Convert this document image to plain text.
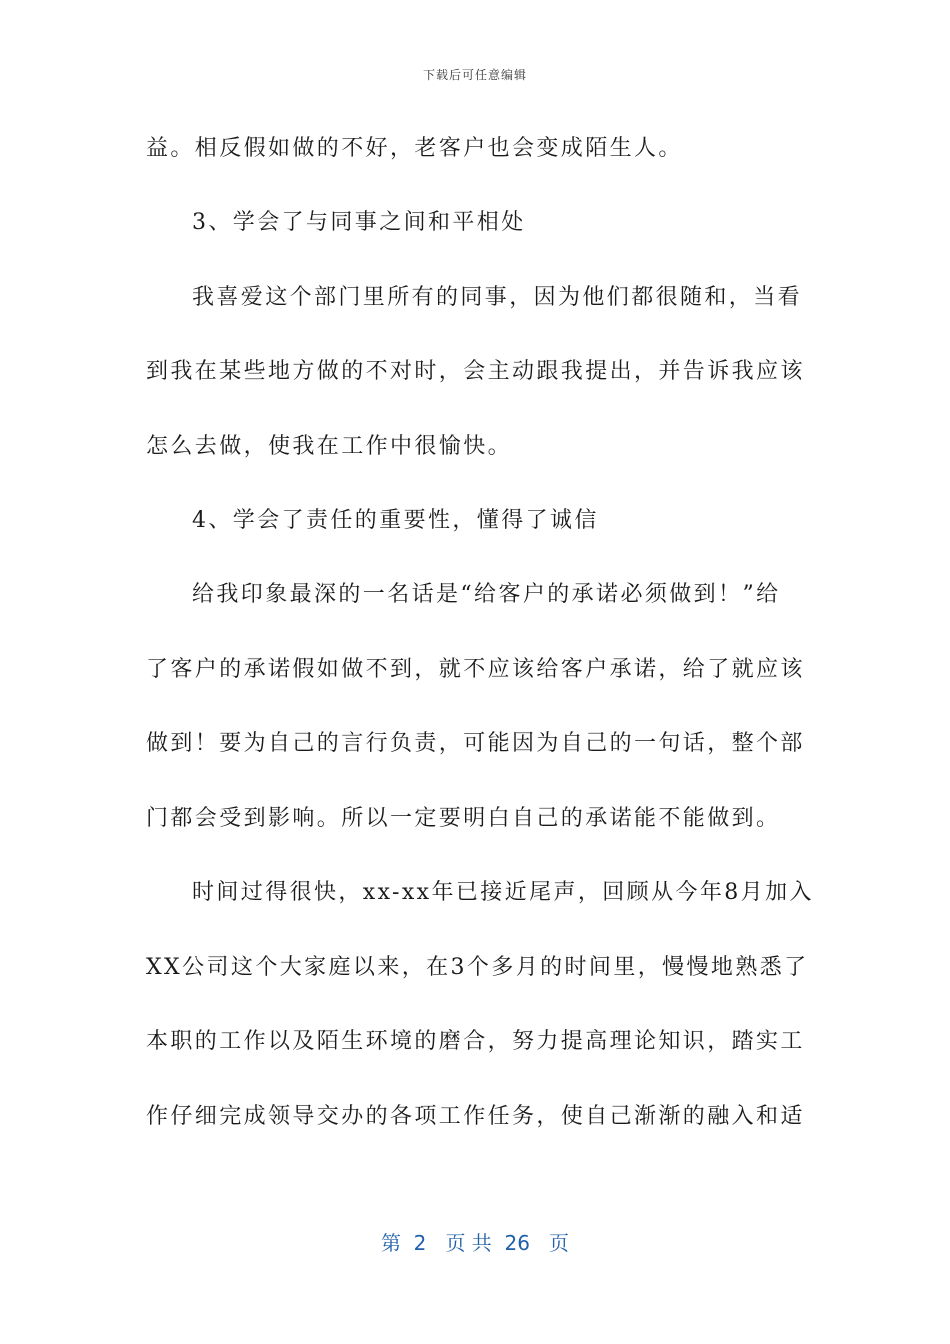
下载后可任意编辑
益。相反假如做的不好，老客户也会变成陌生人。
3、学会了与同事之间和平相处
我喜爱这个部门里所有的同事，因为他们都很随和，当看
到我在某些地方做的不对时，会主动跟我提出，并告诉我应该
怎么去做，使我在工作中很愉快。
4、学会了责任的重要性，懂得了诚信
给我印象最深的一名话是“给客户的承诺必须做到！”给
了客户的承诺假如做不到，就不应该给客户承诺，给了就应该
做到！要为自己的言行负责，可能因为自己的一句话，整个部
门都会受到影响。所以一定要明白自己的承诺能不能做到。
时间过得很快，xx-xx年已接近尾声，回顾从今年8月加入
XX公司这个大家庭以来，在3个多月的时间里，慢慢地熟悉了
本职的工作以及陌生环境的磨合，努力提高理论知识，踏实工
作仔细完成领导交办的各项工作任务，使自己渐渐的融入和适
第  2   页 共  26   页
